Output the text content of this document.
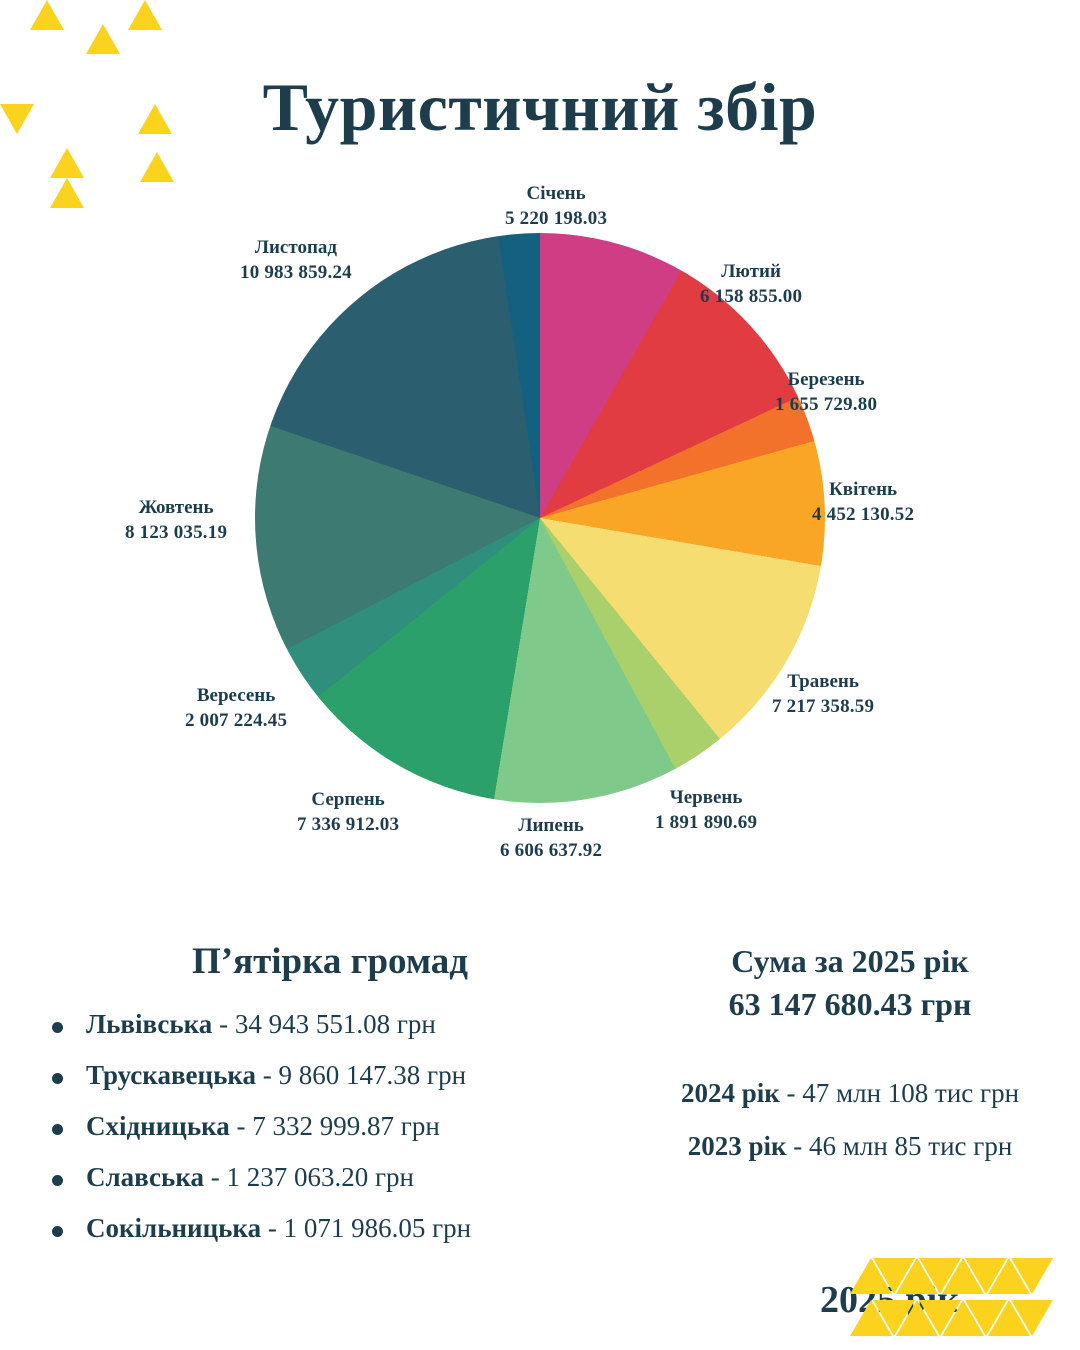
Туристичний збір
Січень
5 220 198.03
Лютий
6 158 855.00
Березень
1 655 729.80
Квітень
4 452 130.52
Травень
7 217 358.59
Червень
1 891 890.69
Липень
6 606 637.92
Серпень
7 336 912.03
Вересень
2 007 224.45
Жовтень
8 123 035.19
Листопад
10 983 859.24
П’ятірка громад
Львівська - 34 943 551.08 грн
Трускавецька - 9 860 147.38 грн
Східницька - 7 332 999.87 грн
Славська - 1 237 063.20 грн
Сокільницька - 1 071 986.05 грн
Сума за 2025 рік
63 147 680.43 грн
2024 рік - 47 млн 108 тис грн
2023 рік - 46 млн 85 тис грн
2025 рік
